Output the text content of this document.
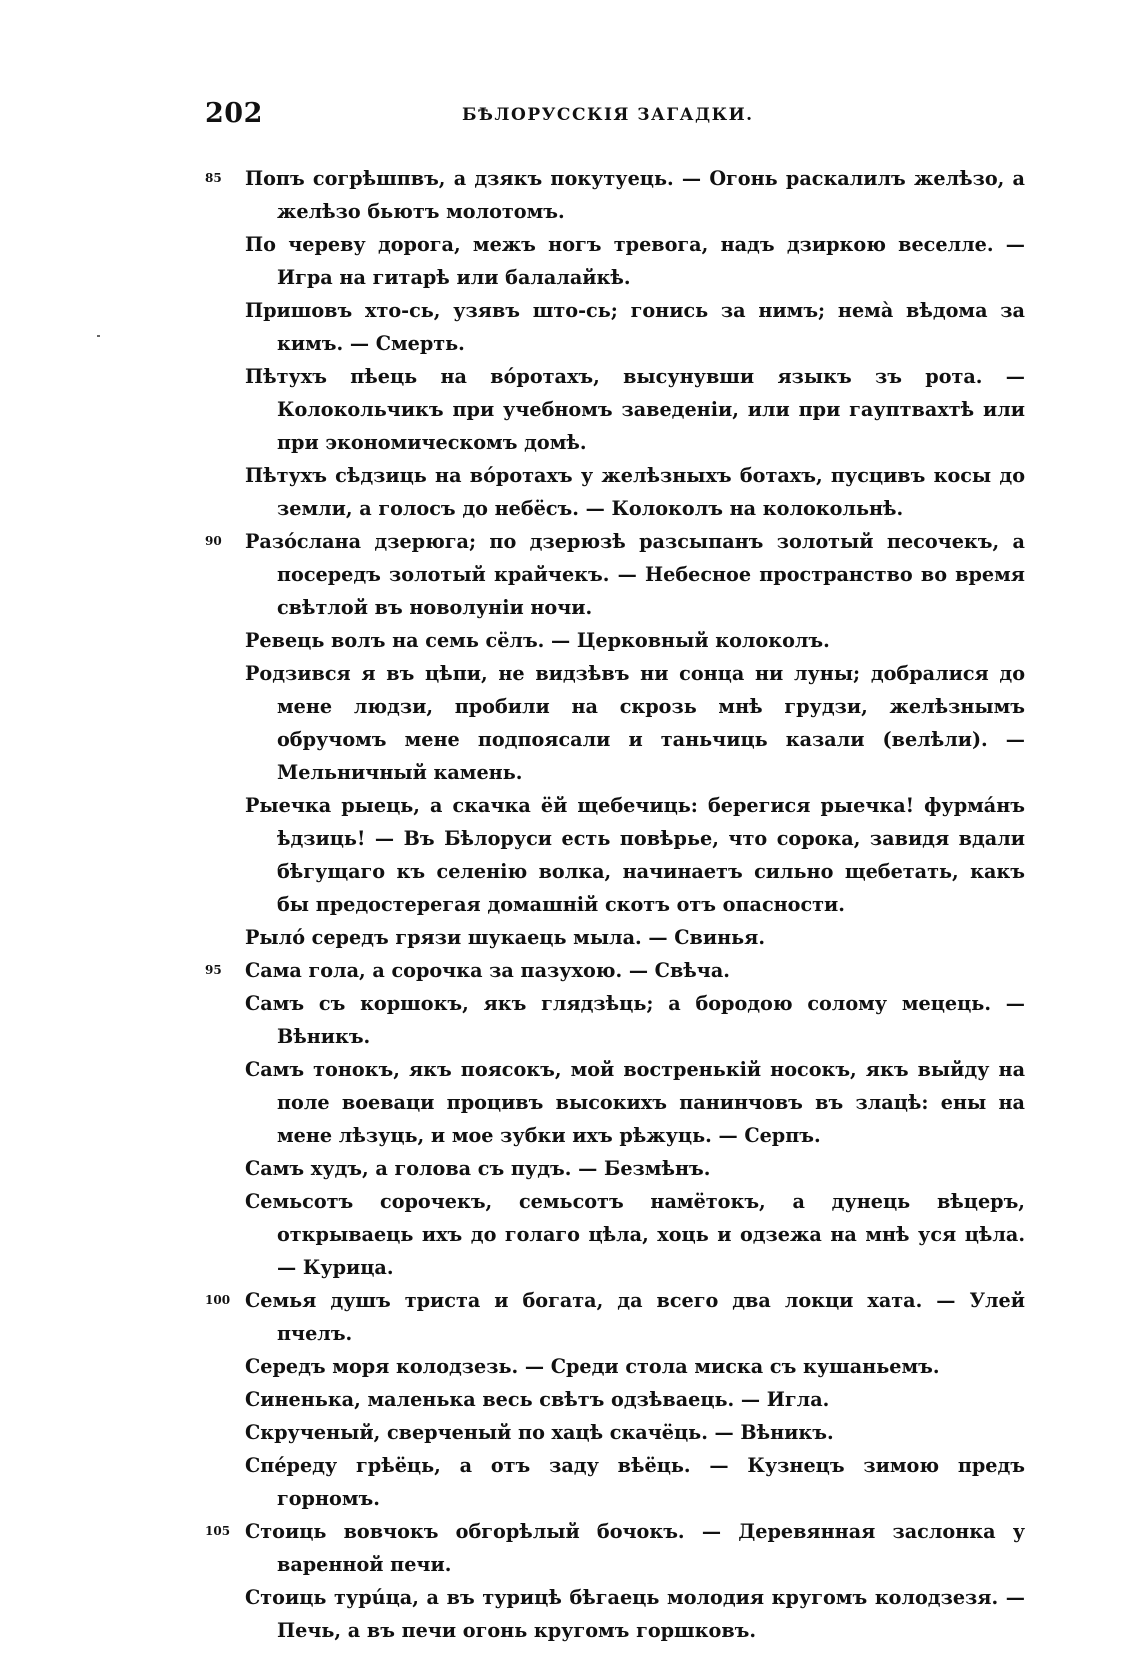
202	БѢЛОРУССКІЯ ЗАГАДКИ.
85	Попъ согрѣшпвъ, а дзякъ покутуець. — Огонь раскалилъ желѣзо, а желѣзо бьютъ молотомъ.
По череву дорога, межъ ногъ тревога, надъ дзиркою веселле. — Игра на гитарѣ или балалайкѣ.
Пришовъ хто-сь, узявъ што-сь; гонись за нимъ; немà вѣдома за кимъ. — Смерть.
Пѣтухъ пѣець на вóротахъ, высунувши языкъ зъ рота. — Колокольчикъ при учебномъ заведеніи, или при гауптвахтѣ или при экономическомъ домѣ.
Пѣтухъ сѣдзиць на вóротахъ у желѣзныхъ ботахъ, пусцивъ косы до земли, а голосъ до небёсъ. — Колоколъ на колокольнѣ.
90	Разóслана дзерюга; по дзерюзѣ разсыпанъ золотый песочекъ, а посередъ золотый крайчекъ. — Небесное пространство во время свѣтлой въ новолуніи ночи.
Ревець волъ на семь сёлъ. — Церковный колоколъ.
Родзився я въ цѣпи, не видзѣвъ ни сонца ни луны; добралися до мене людзи, пробили на скрозь мнѣ грудзи, желѣзнымъ обручомъ мене подпоясали и таньчиць казали (велѣли). — Мельничный камень.
Рыечка рыець, а скачка ёй щебечиць: берегися рыечка! фурмáнъ ѣдзиць! — Въ Бѣлоруси есть повѣрье, что сорока, завидя вдали бѣгущаго къ селенію волка, начинаетъ сильно щебетать, какъ бы предостерегая домашній скотъ отъ опасности.
Рылó середъ грязи шукаець мыла. — Свинья.
95	Сама гола, а сорочка за пазухою. — Свѣча.
Самъ съ коршокъ, якъ глядзѣць; а бородою солому мецець. — Вѣникъ.
Самъ тонокъ, якъ поясокъ, мой востренькій носокъ, якъ выйду на поле воеваци процивъ высокихъ панинчовъ въ злацѣ: ены на мене лѣзуць, и мое зубки ихъ рѣжуць. — Серпъ.
Самъ худъ, а голова съ пудъ. — Безмѣнъ.
Семьсотъ сорочекъ, семьсотъ намётокъ, а дунець вѣцеръ, открываець ихъ до голаго цѣла, хоць и одзежа на мнѣ уся цѣла. — Курица.
100 Семья душъ триста и богата, да всего два локци хата. — Улей пчелъ.
Середъ моря колодзезь. — Среди стола миска съ кушаньемъ.
Синенька, маленька весь свѣтъ одзѣваець. — Игла.
Скрученый, сверченый по хацѣ скачёць. — Вѣникъ.
Спéреду грѣёць, а отъ заду вѣёць. — Кузнецъ зимою предъ горномъ.
105 Стоиць вовчокъ обгорѣлый бочокъ. — Деревянная заслонка у варенной печи.
Стоиць турúца, а въ турицѣ бѣгаець молодия кругомъ колодзезя. — Печь, а въ печи огонь кругомъ горшковъ.
